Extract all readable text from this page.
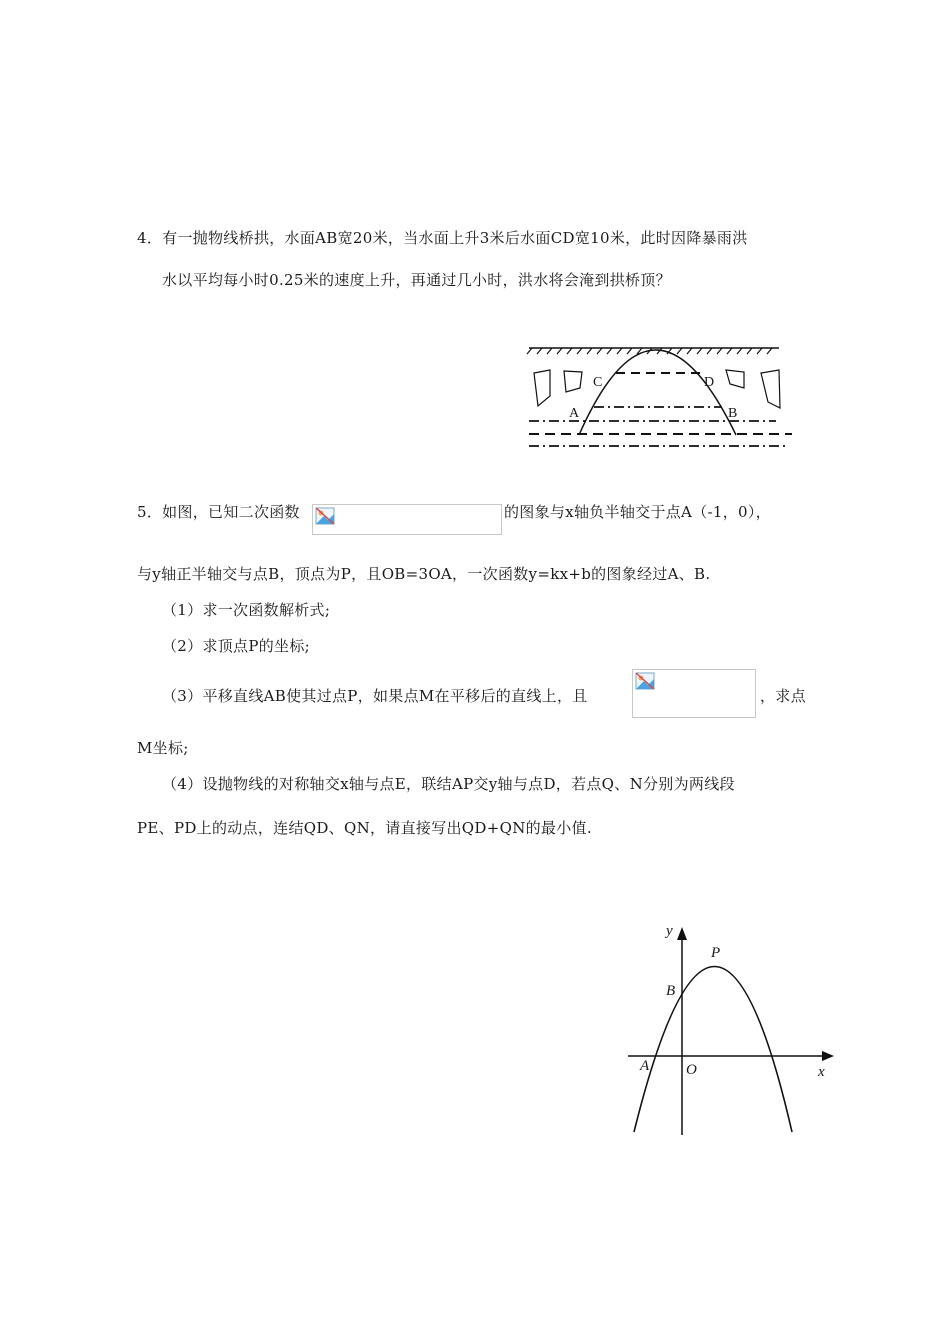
4．有一抛物线桥拱，水面AB宽20米，当水面上升3米后水面CD宽10米，此时因降暴雨洪
水以平均每小时0.25米的速度上升，再通过几小时，洪水将会淹到拱桥顶？
C	D
A	B
5．如图，已知二次函数	的图象与x轴负半轴交于点A（-1，0），
与y轴正半轴交与点B，顶点为P，且OB=3OA，一次函数y=kx+b的图象经过A、B.
（1）求一次函数解析式;
（2）求顶点P的坐标;
（3）平移直线AB使其过点P，如果点M在平移后的直线上，且	，求点
M坐标;
（4）设抛物线的对称轴交x轴与点E，联结AP交y轴与点D，若点Q、N分别为两线段
PE、PD上的动点，连结QD、QN，请直接写出QD+QN的最小值.
y
x
P
B
A O
